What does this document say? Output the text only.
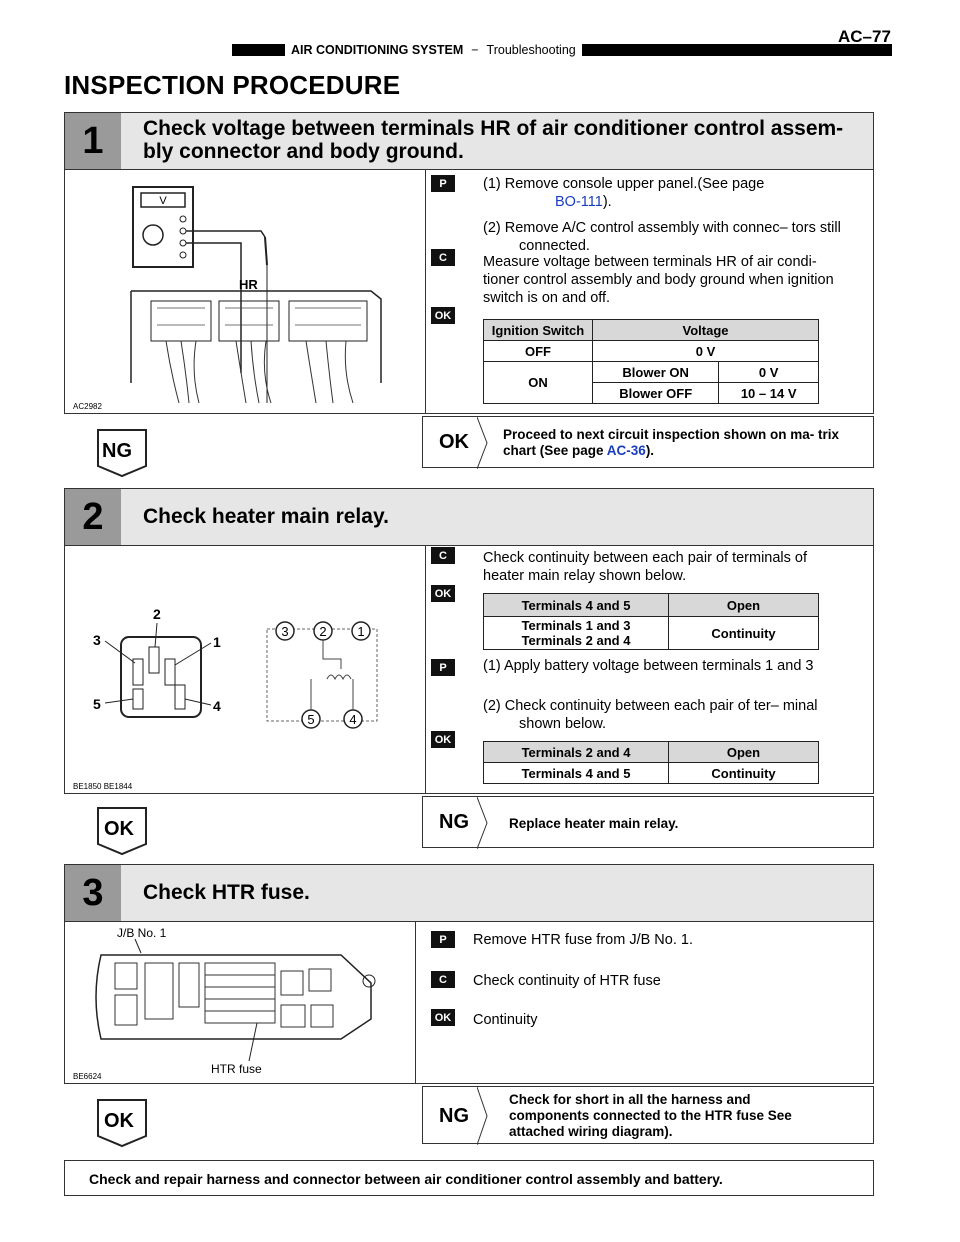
AIR CONDITIONING SYSTEM − Troubleshooting
AC–77
INSPECTION PROCEDURE
1	Check voltage between terminals HR of air conditioner control assem-
bly connector and body ground.
V
HR
AC2982
P	(1) Remove console upper panel.(See page
BO-111).
(2) Remove A/C control assembly with connec– tors still connected.
C	Measure voltage between terminals HR of air condi- tioner control assembly and body ground when ignition switch is on and off.
OK
Ignition Switch	Voltage	
OFF	0 V	
ON	Blower ON	0 V
	Blower OFF	10 – 14 V
OK	Proceed to next circuit inspection shown on ma- trix chart (See page AC-36).
NG
2	Check heater main relay.
2
3	1
5	4
3 2 1
5	4
BE1850 BE1844
C	Check continuity between each pair of terminals of heater main relay shown below.
OK
Terminals 4 and 5	Open
Terminals 1 and 3
Terminals 2 and 4	Continuity
P	(1) Apply battery voltage between terminals 1 and 3
(2) Check continuity between each pair of ter– minal shown below.
OK
Terminals 2 and 4	Open
Terminals 4 and 5	Continuity
NG	Replace heater main relay.
OK
3	Check HTR fuse.
J/B No. 1
HTR fuse
BE6624
P	Remove HTR fuse from J/B No. 1.
C	Check continuity of HTR fuse
OK Continuity
NG
Check for short in all the harness and components connected to the HTR fuse See attached wiring diagram).
OK
Check and repair harness and connector between air conditioner control assembly and battery.
